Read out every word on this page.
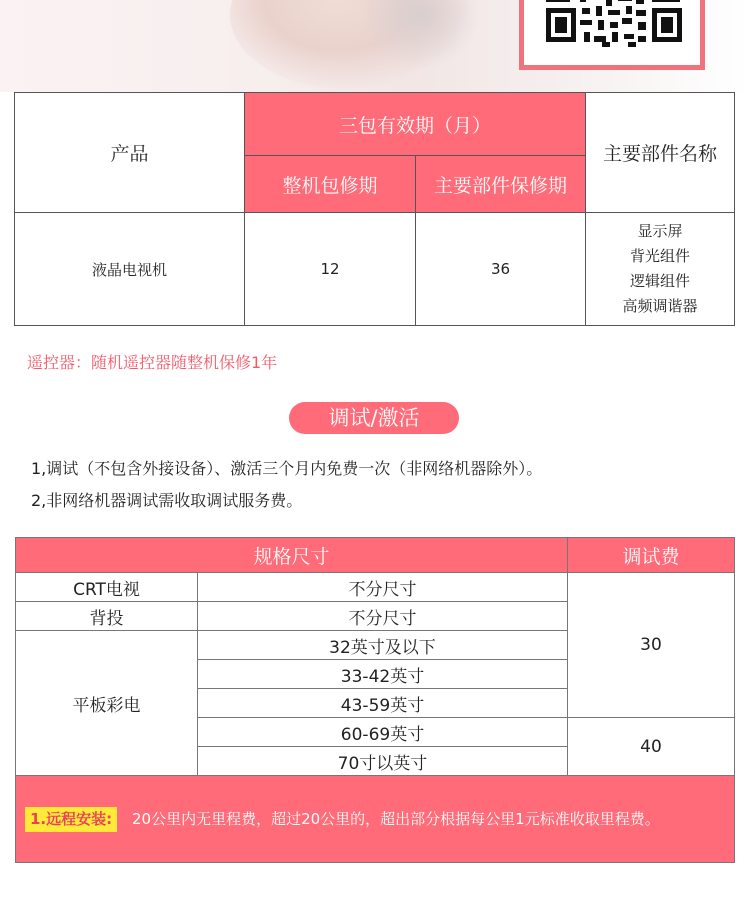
产品	三包有效期（月）		主要部件名称
	整机包修期	主要部件保修期	
液晶电视机	12	36	显示屏
背光组件
逻辑组件
高频调谐器
遥控器：随机遥控器随整机保修1年
调试/激活
1,调试（不包含外接设备）、激活三个月内免费一次（非网络机器除外）。
2,非网络机器调试需收取调试服务费。
规格尺寸		调试费
CRT电视	不分尺寸	30
背投	不分尺寸	
平板彩电	32英寸及以下	
	33-42英寸	
	43-59英寸	
	60-69英寸	40
	70寸以英寸	
1.远程安装:	20公里内无里程费，超过20公里的，超出部分根据每公里1元标准收取里程费。
